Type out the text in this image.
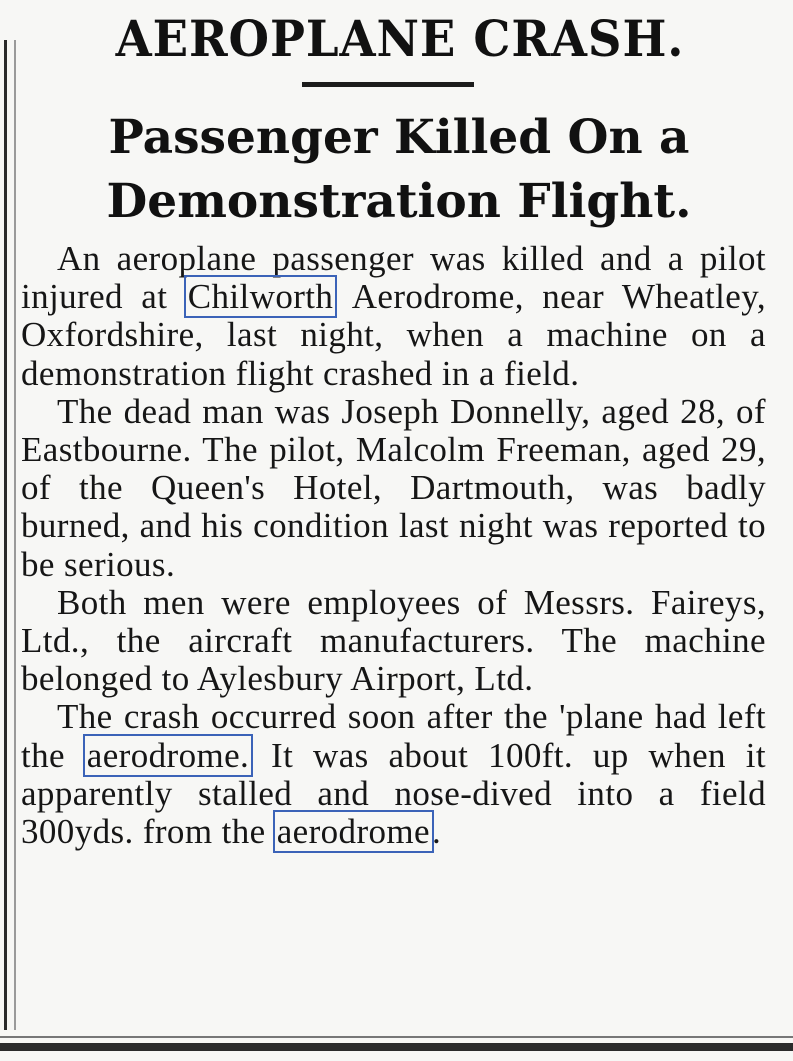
AEROPLANE CRASH.
Passenger Killed On a
Demonstration Flight.

An aeroplane passenger was killed and a pilot injured at Chilworth Aerodrome, near Wheatley, Oxfordshire, last night, when a machine on a demonstration flight crashed in a field.

The dead man was Joseph Donnelly, aged 28, of Eastbourne. The pilot, Malcolm Freeman, aged 29, of the Queen's Hotel, Dartmouth, was badly burned, and his condition last night was reported to be serious.

Both men were employees of Messrs. Faireys, Ltd., the aircraft manufacturers. The machine belonged to Aylesbury Airport, Ltd.

The crash occurred soon after the 'plane had left the aerodrome. It was about 100ft. up when it apparently stalled and nose-dived into a field 300yds. from the aerodrome.
